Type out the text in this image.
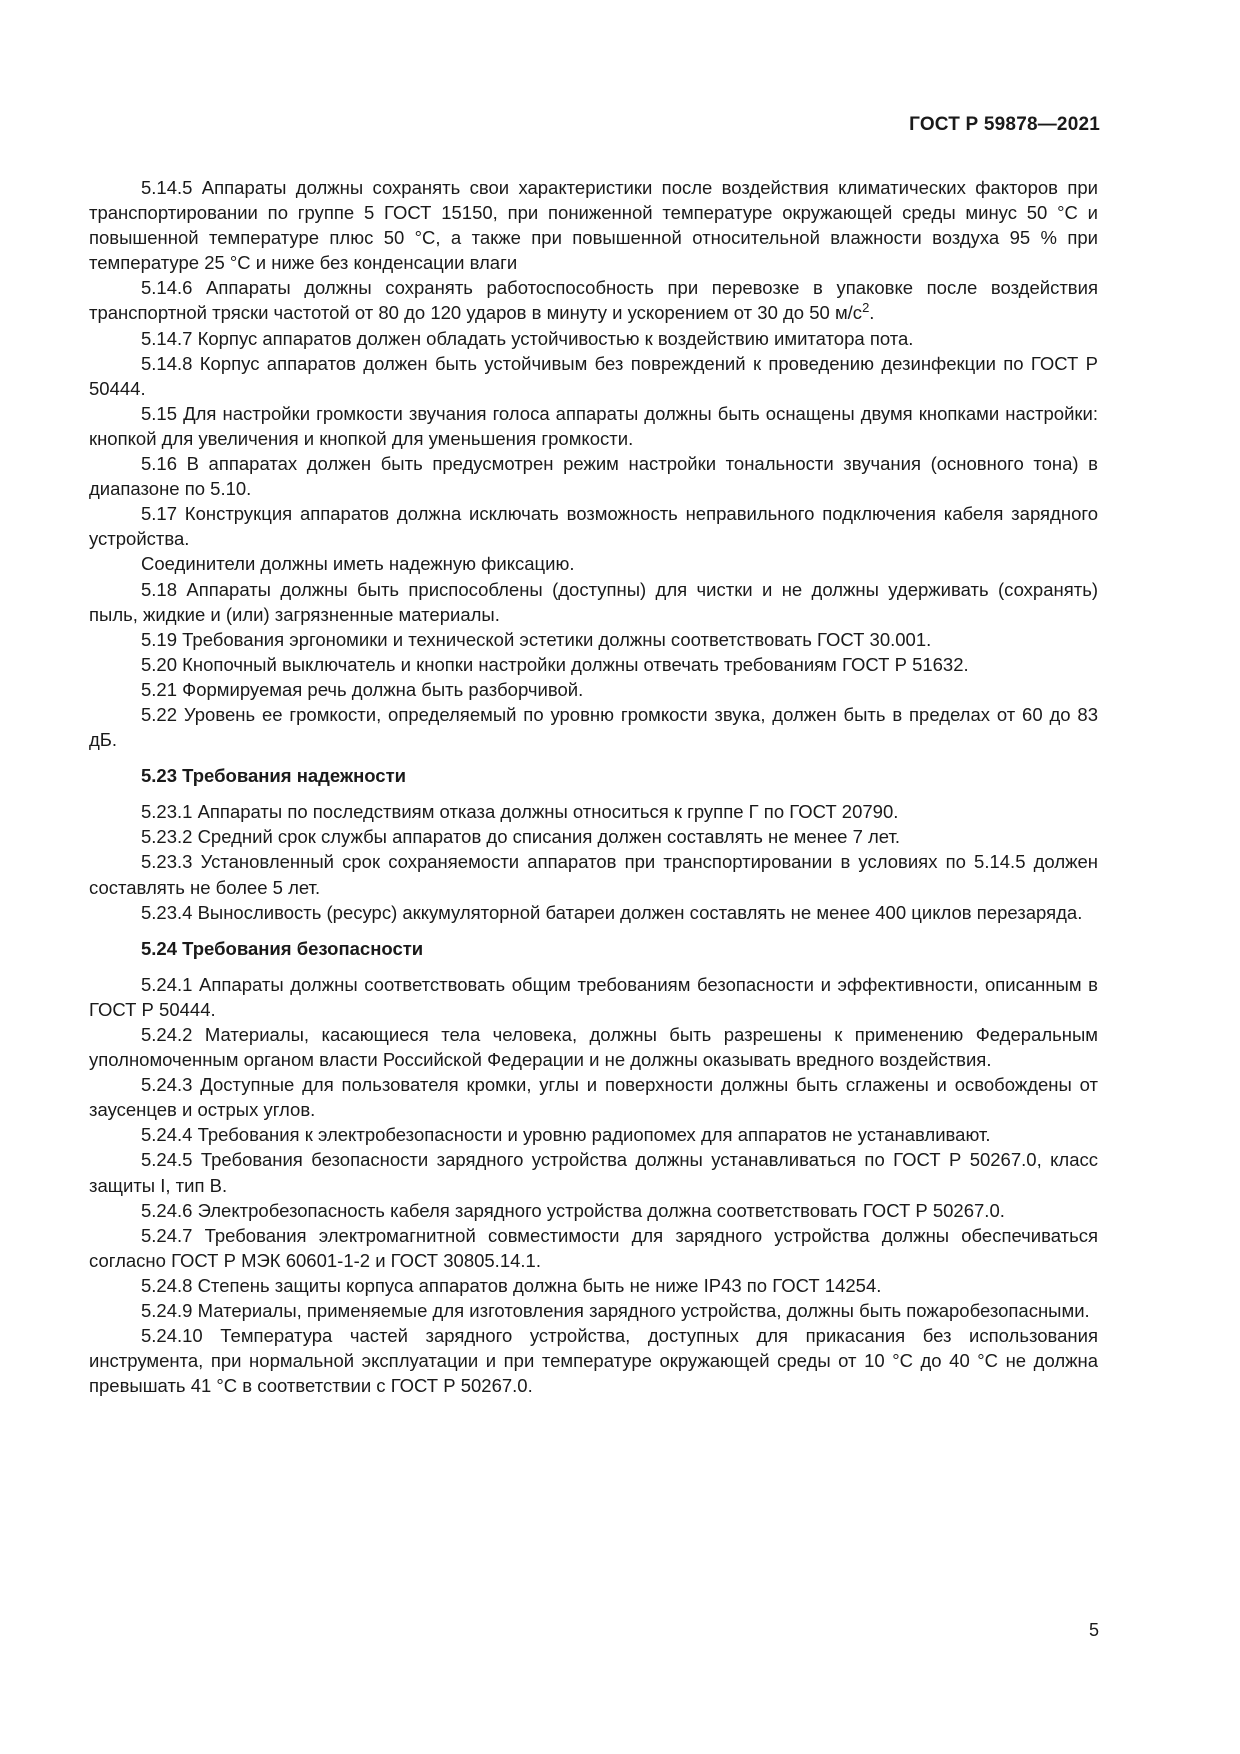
ГОСТ Р 59878—2021

5.14.5 Аппараты должны сохранять свои характеристики после воздействия климатических факторов при транспортировании по группе 5 ГОСТ 15150, при пониженной температуре окружающей среды минус 50 °С и повышенной температуре плюс 50 °С, а также при повышенной относительной влажности воздуха 95 % при температуре 25 °С и ниже без конденсации влаги

5.14.6 Аппараты должны сохранять работоспособность при перевозке в упаковке после воздействия транспортной тряски частотой от 80 до 120 ударов в минуту и ускорением от 30 до 50 $м/с^2$.

5.14.7 Корпус аппаратов должен обладать устойчивостью к воздействию имитатора пота.

5.14.8 Корпус аппаратов должен быть устойчивым без повреждений к проведению дезинфекции по ГОСТ Р 50444.

5.15 Для настройки громкости звучания голоса аппараты должны быть оснащены двумя кнопками настройки: кнопкой для увеличения и кнопкой для уменьшения громкости.

5.16 В аппаратах должен быть предусмотрен режим настройки тональности звучания (основного тона) в диапазоне по 5.10.

5.17 Конструкция аппаратов должна исключать возможность неправильного подключения кабеля зарядного устройства.

Соединители должны иметь надежную фиксацию.

5.18 Аппараты должны быть приспособлены (доступны) для чистки и не должны удерживать (сохранять) пыль, жидкие и (или) загрязненные материалы.

5.19 Требования эргономики и технической эстетики должны соответствовать ГОСТ 30.001.

5.20 Кнопочный выключатель и кнопки настройки должны отвечать требованиям ГОСТ Р 51632.

5.21 Формируемая речь должна быть разборчивой.

5.22 Уровень ее громкости, определяемый по уровню громкости звука, должен быть в пределах от 60 до 83 дБ.

5.23 Требования надежности

5.23.1 Аппараты по последствиям отказа должны относиться к группе Г по ГОСТ 20790.

5.23.2 Средний срок службы аппаратов до списания должен составлять не менее 7 лет.

5.23.3 Установленный срок сохраняемости аппаратов при транспортировании в условиях по 5.14.5 должен составлять не более 5 лет.

5.23.4 Выносливость (ресурс) аккумуляторной батареи должен составлять не менее 400 циклов перезаряда.

5.24 Требования безопасности

5.24.1 Аппараты должны соответствовать общим требованиям безопасности и эффективности, описанным в ГОСТ Р 50444.

5.24.2 Материалы, касающиеся тела человека, должны быть разрешены к применению Федеральным уполномоченным органом власти Российской Федерации и не должны оказывать вредного воздействия.

5.24.3 Доступные для пользователя кромки, углы и поверхности должны быть сглажены и освобождены от заусенцев и острых углов.

5.24.4 Требования к электробезопасности и уровню радиопомех для аппаратов не устанавливают.

5.24.5 Требования безопасности зарядного устройства должны устанавливаться по ГОСТ Р 50267.0, класс защиты I, тип В.

5.24.6 Электробезопасность кабеля зарядного устройства должна соответствовать ГОСТ Р 50267.0.

5.24.7 Требования электромагнитной совместимости для зарядного устройства должны обеспечиваться согласно ГОСТ Р МЭК 60601-1-2 и ГОСТ 30805.14.1.

5.24.8 Степень защиты корпуса аппаратов должна быть не ниже IP43 по ГОСТ 14254.

5.24.9 Материалы, применяемые для изготовления зарядного устройства, должны быть пожаробезопасными.

5.24.10 Температура частей зарядного устройства, доступных для прикасания без использования инструмента, при нормальной эксплуатации и при температуре окружающей среды от 10 °С до 40 °С не должна превышать 41 °С в соответствии с ГОСТ Р 50267.0.

5
